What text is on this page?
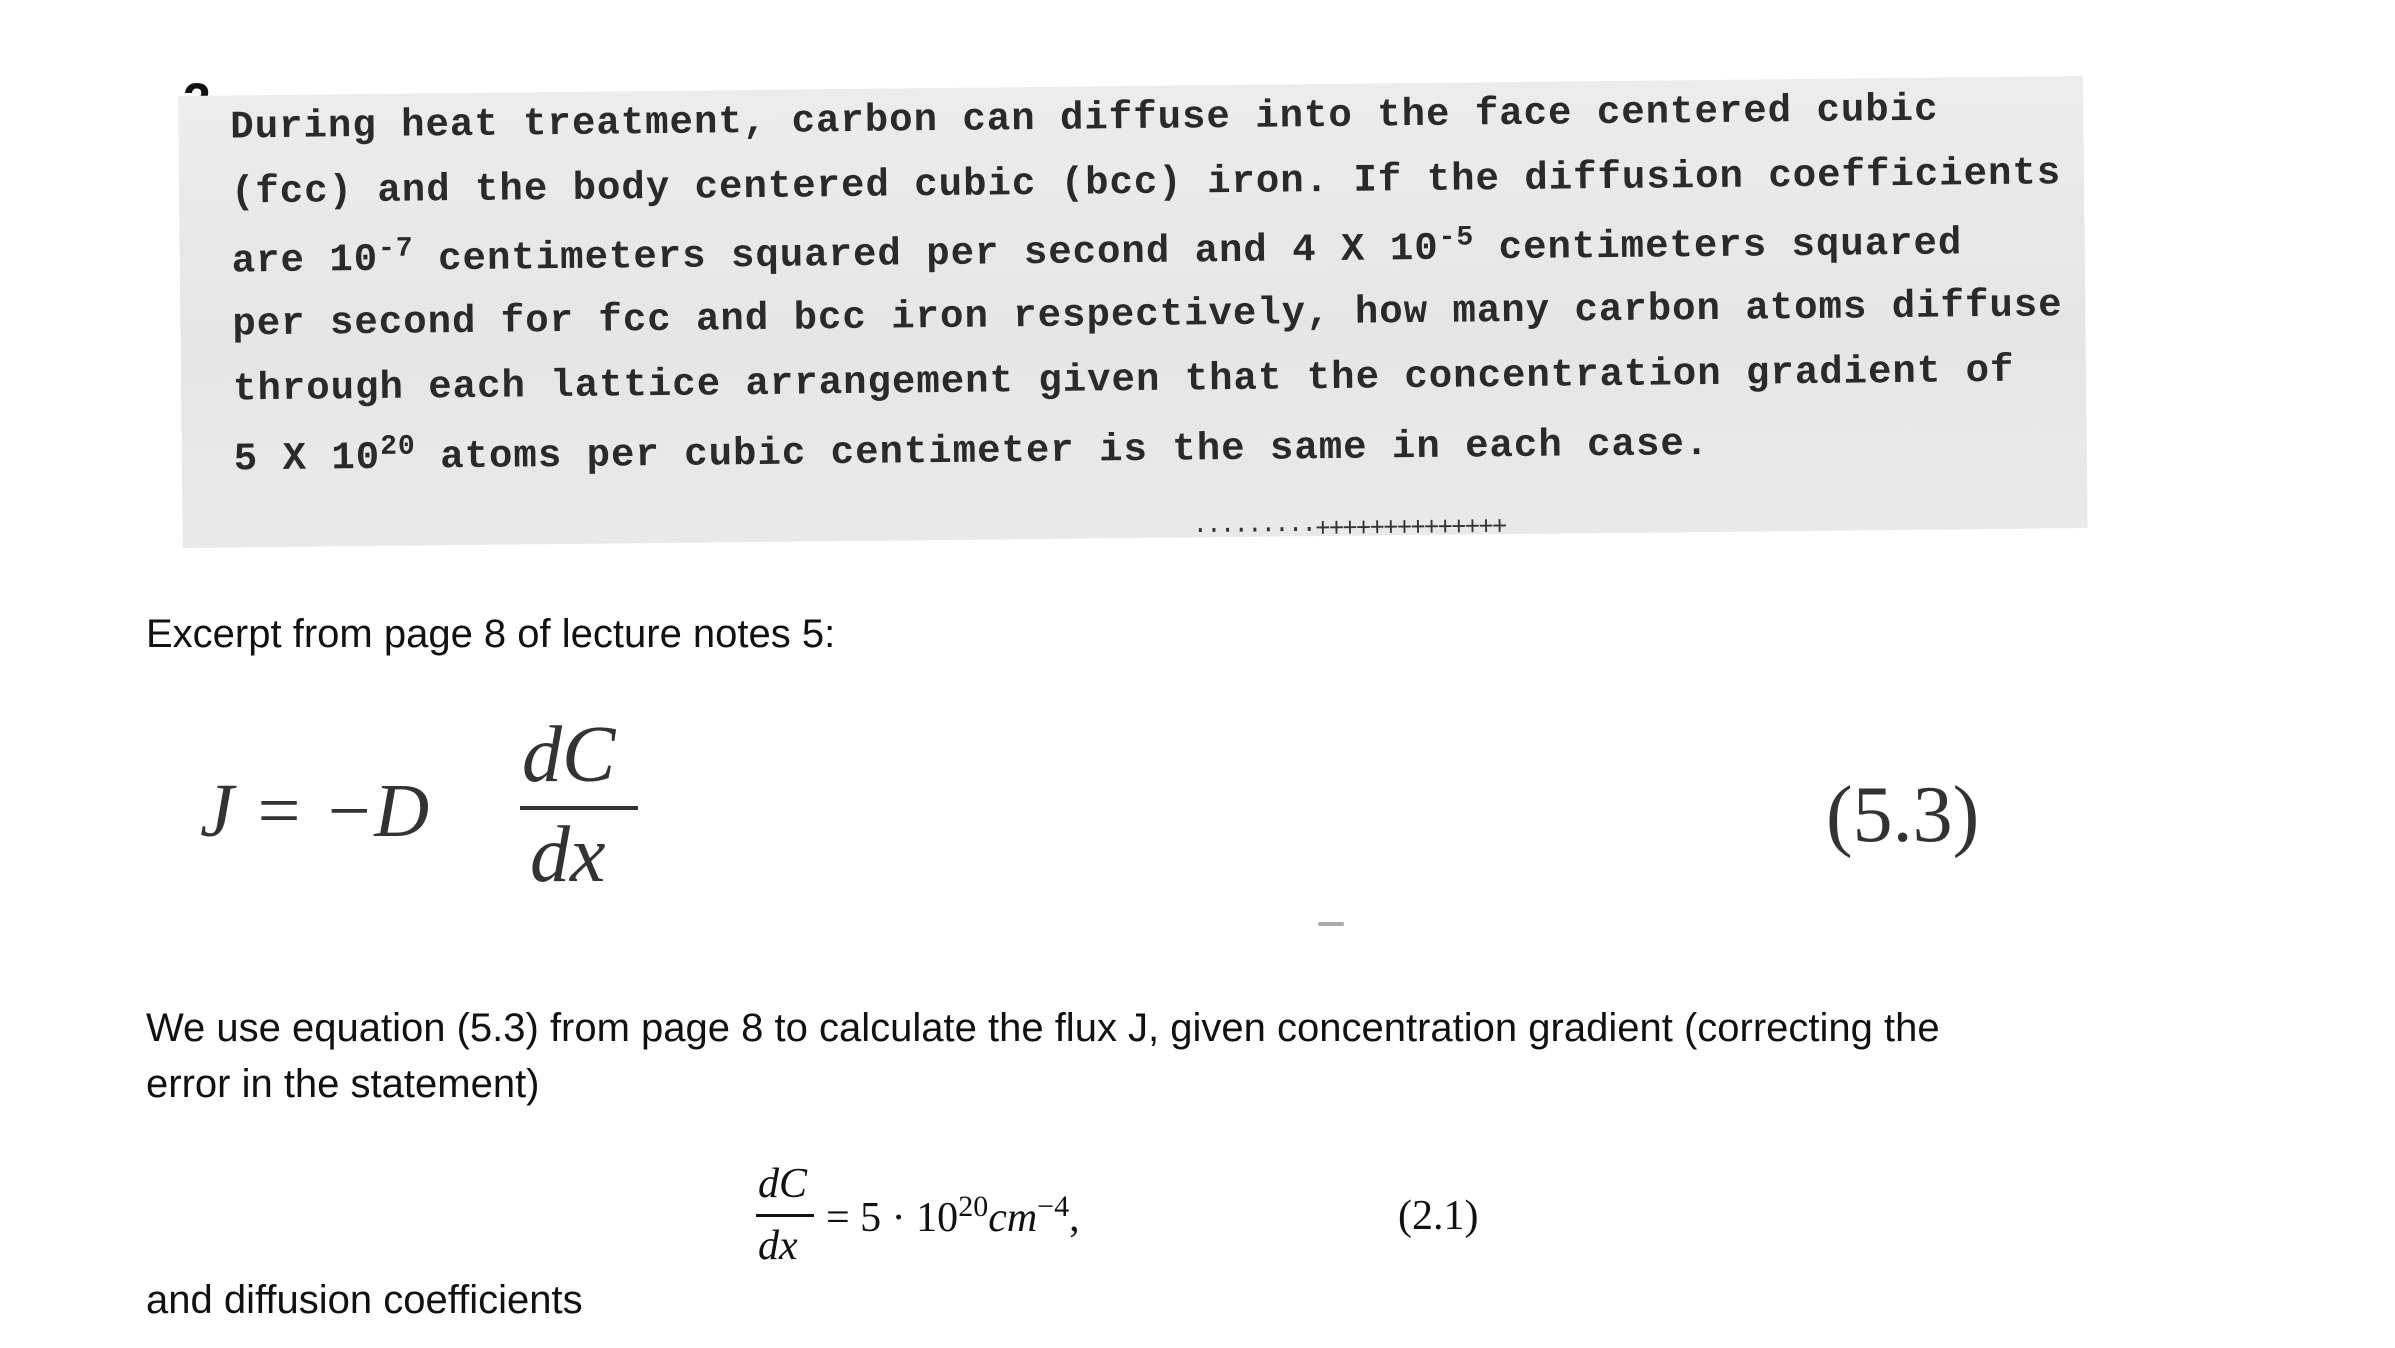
During heat treatment, carbon can diffuse into the face centered cubic
(fcc) and the body centered cubic (bcc) iron. If the diffusion coefficients
are $10^{-7}$ centimeters squared per second and 4 X $10^{-5}$ centimeters squared
per second for fcc and bcc iron respectively, how many carbon atoms diffuse
through each lattice arrangement given that the concentration gradient of
5 X $10^{20}$ atoms per cubic centimeter is the same in each case.
·········++++++++++++++
Excerpt from page 8 of lecture notes 5:
J = −D
dC
dx	(5.3)
We use equation (5.3) from page 8 to calculate the flux J, given concentration gradient (correcting the
error in the statement)
dC
dx
= $5 \cdot 10^{20}cm^{-4}$,	(2.1)
and diffusion coefficients
